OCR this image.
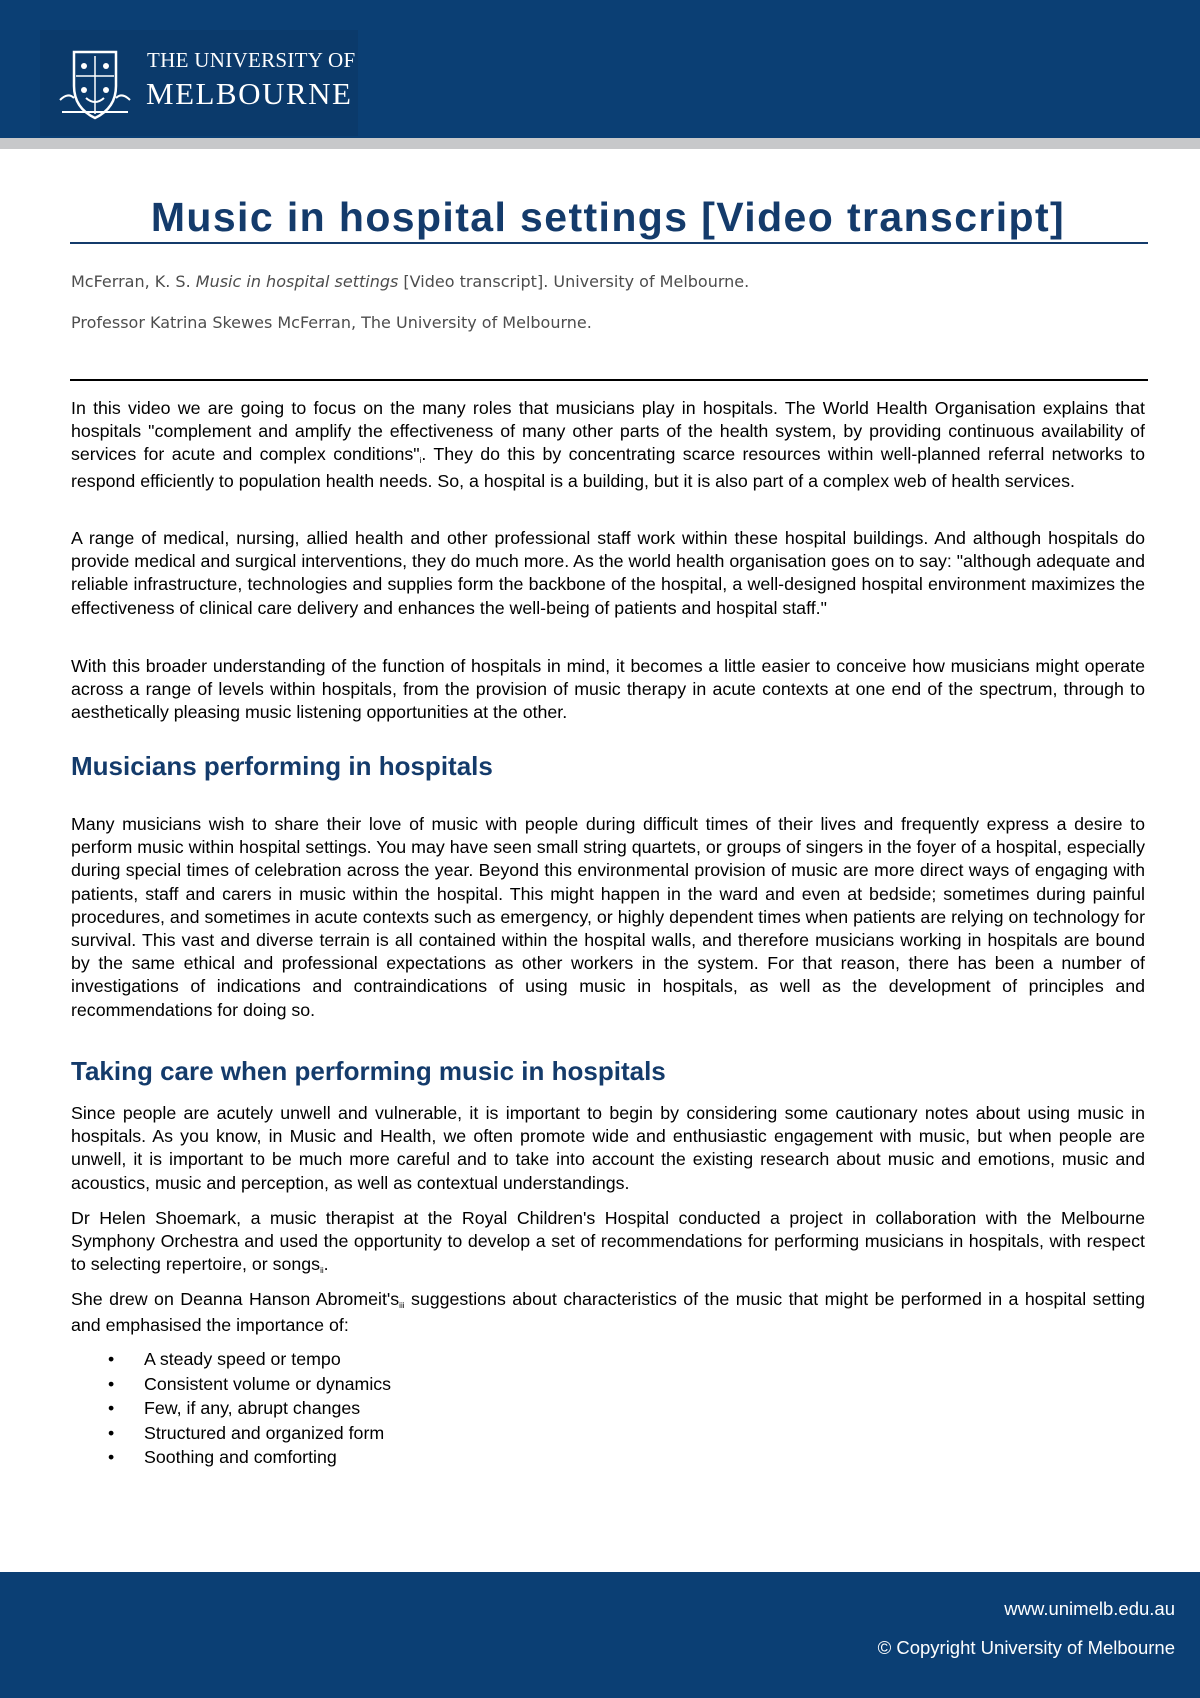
THE UNIVERSITY OF
MELBOURNE
Music in hospital settings [Video transcript]
McFerran, K. S. Music in hospital settings [Video transcript]. University of Melbourne.
Professor Katrina Skewes McFerran, The University of Melbourne.

In this video we are going to focus on the many roles that musicians play in hospitals. The World Health Organisation explains that hospitals "complement and amplify the effectiveness of many other parts of the health system, by providing continuous availability of services for acute and complex conditions"i. They do this by concentrating scarce resources within well-planned referral networks to respond efficiently to population health needs. So, a hospital is a building, but it is also part of a complex web of health services.

A range of medical, nursing, allied health and other professional staff work within these hospital buildings. And although hospitals do provide medical and surgical interventions, they do much more. As the world health organisation goes on to say: "although adequate and reliable infrastructure, technologies and supplies form the backbone of the hospital, a well-designed hospital environment maximizes the effectiveness of clinical care delivery and enhances the well-being of patients and hospital staff."

With this broader understanding of the function of hospitals in mind, it becomes a little easier to conceive how musicians might operate across a range of levels within hospitals, from the provision of music therapy in acute contexts at one end of the spectrum, through to aesthetically pleasing music listening opportunities at the other.

Musicians performing in hospitals

Many musicians wish to share their love of music with people during difficult times of their lives and frequently express a desire to perform music within hospital settings. You may have seen small string quartets, or groups of singers in the foyer of a hospital, especially during special times of celebration across the year. Beyond this environmental provision of music are more direct ways of engaging with patients, staff and carers in music within the hospital. This might happen in the ward and even at bedside; sometimes during painful procedures, and sometimes in acute contexts such as emergency, or highly dependent times when patients are relying on technology for survival. This vast and diverse terrain is all contained within the hospital walls, and therefore musicians working in hospitals are bound by the same ethical and professional expectations as other workers in the system. For that reason, there has been a number of investigations of indications and contraindications of using music in hospitals, as well as the development of principles and recommendations for doing so.

Taking care when performing music in hospitals

Since people are acutely unwell and vulnerable, it is important to begin by considering some cautionary notes about using music in hospitals. As you know, in Music and Health, we often promote wide and enthusiastic engagement with music, but when people are unwell, it is important to be much more careful and to take into account the existing research about music and emotions, music and acoustics, music and perception, as well as contextual understandings.

Dr Helen Shoemark, a music therapist at the Royal Children's Hospital conducted a project in collaboration with the Melbourne Symphony Orchestra and used the opportunity to develop a set of recommendations for performing musicians in hospitals, with respect to selecting repertoire, or songsii.

She drew on Deanna Hanson Abromeit'siii suggestions about characteristics of the music that might be performed in a hospital setting and emphasised the importance of:

• A steady speed or tempo
• Consistent volume or dynamics
• Few, if any, abrupt changes
• Structured and organized form
• Soothing and comforting
www.unimelb.edu.au
© Copyright University of Melbourne
